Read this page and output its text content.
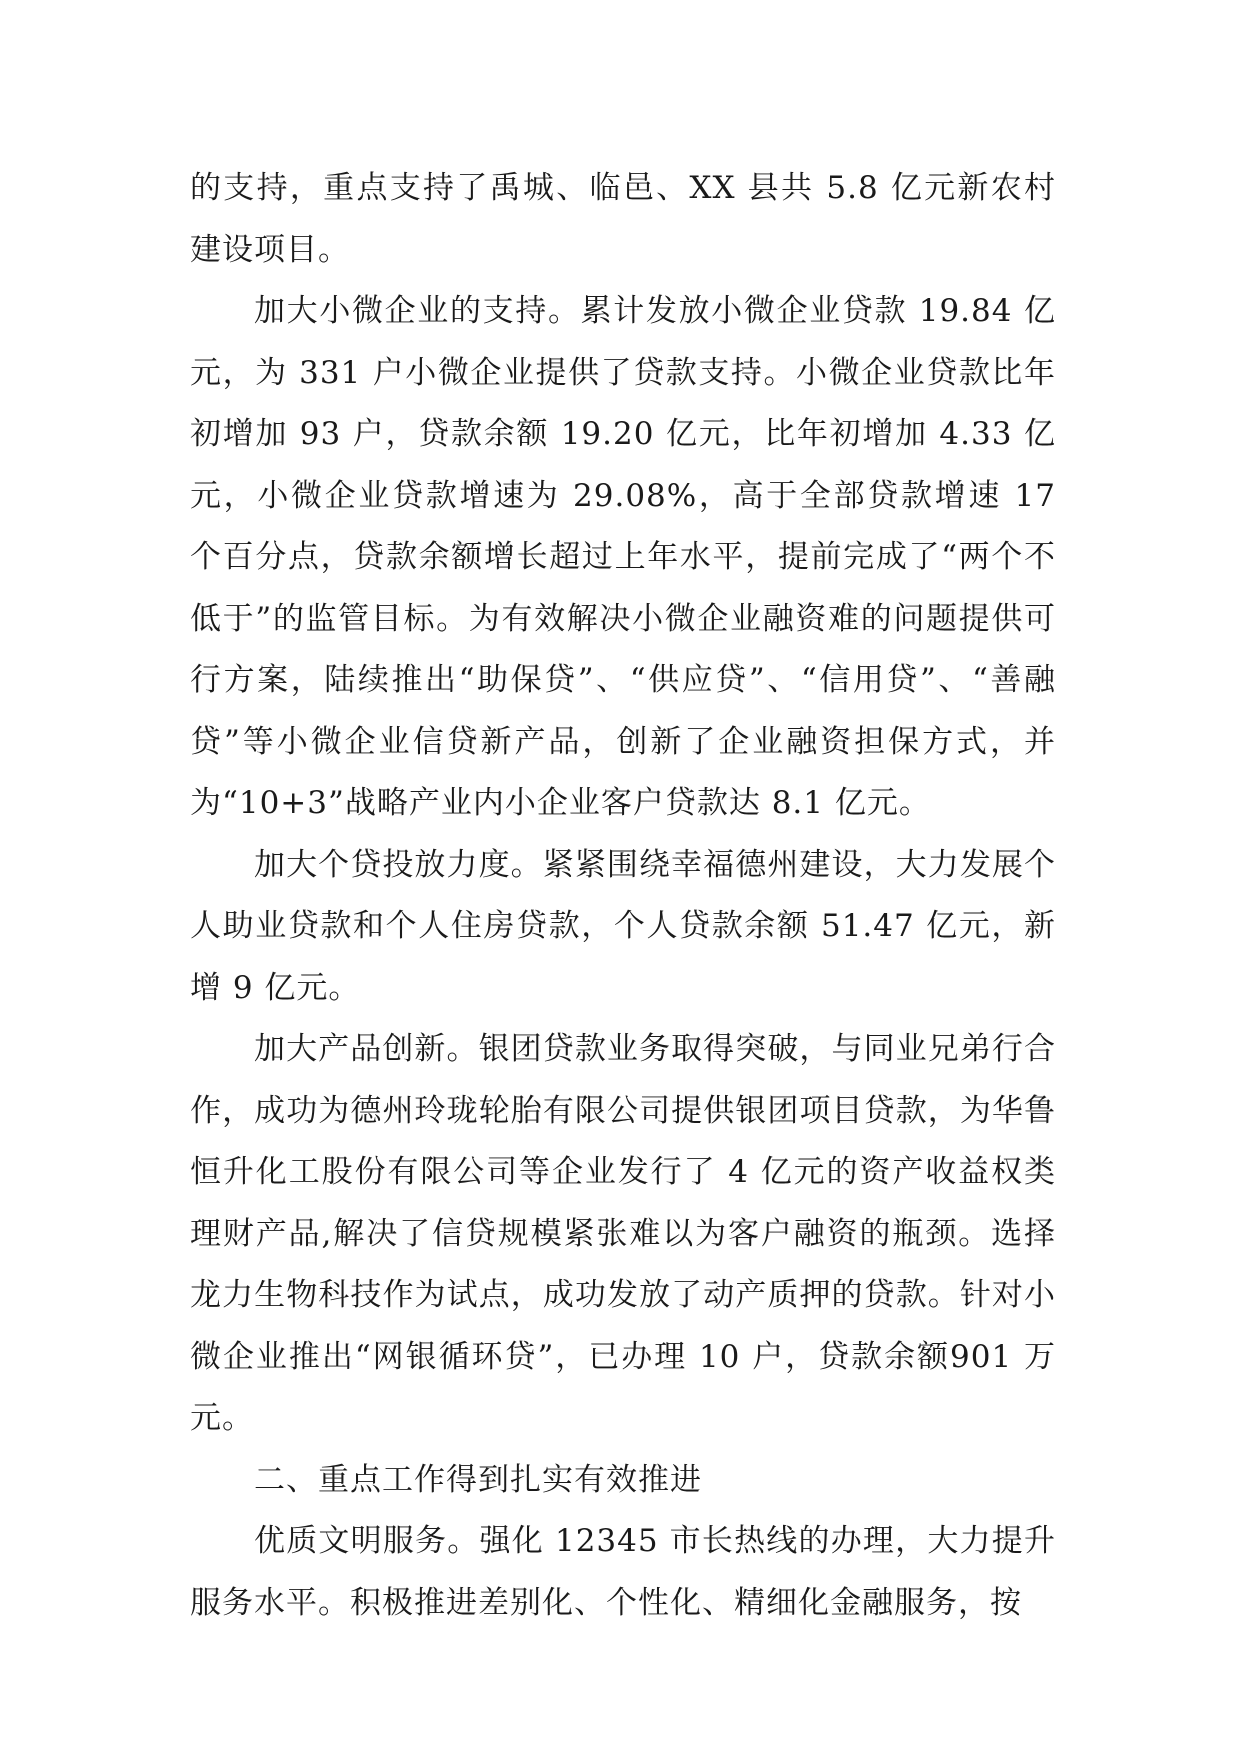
的支持，重点支持了禹城、临邑、XX 县共 5.8 亿元新农村建设项目。

加大小微企业的支持。累计发放小微企业贷款 19.84 亿元，为 331 户小微企业提供了贷款支持。小微企业贷款比年初增加 93 户，贷款余额 19.20 亿元，比年初增加 4.33 亿元，小微企业贷款增速为 29.08%，高于全部贷款增速 17 个百分点，贷款余额增长超过上年水平，提前完成了“两个不低于”的监管目标。为有效解决小微企业融资难的问题提供可行方案，陆续推出“助保贷”、“供应贷”、“信用贷”、“善融贷”等小微企业信贷新产品，创新了企业融资担保方式，并为“10+3”战略产业内小企业客户贷款达 8.1 亿元。

加大个贷投放力度。紧紧围绕幸福德州建设，大力发展个人助业贷款和个人住房贷款，个人贷款余额 51.47 亿元，新增 9 亿元。

加大产品创新。银团贷款业务取得突破，与同业兄弟行合作，成功为德州玲珑轮胎有限公司提供银团项目贷款，为华鲁恒升化工股份有限公司等企业发行了 4 亿元的资产收益权类理财产品,解决了信贷规模紧张难以为客户融资的瓶颈。选择龙力生物科技作为试点，成功发放了动产质押的贷款。针对小微企业推出“网银循环贷”，已办理 10 户，贷款余额901 万元。

二、重点工作得到扎实有效推进

优质文明服务。强化 12345 市长热线的办理，大力提升服务水平。积极推进差别化、个性化、精细化金融服务，按
